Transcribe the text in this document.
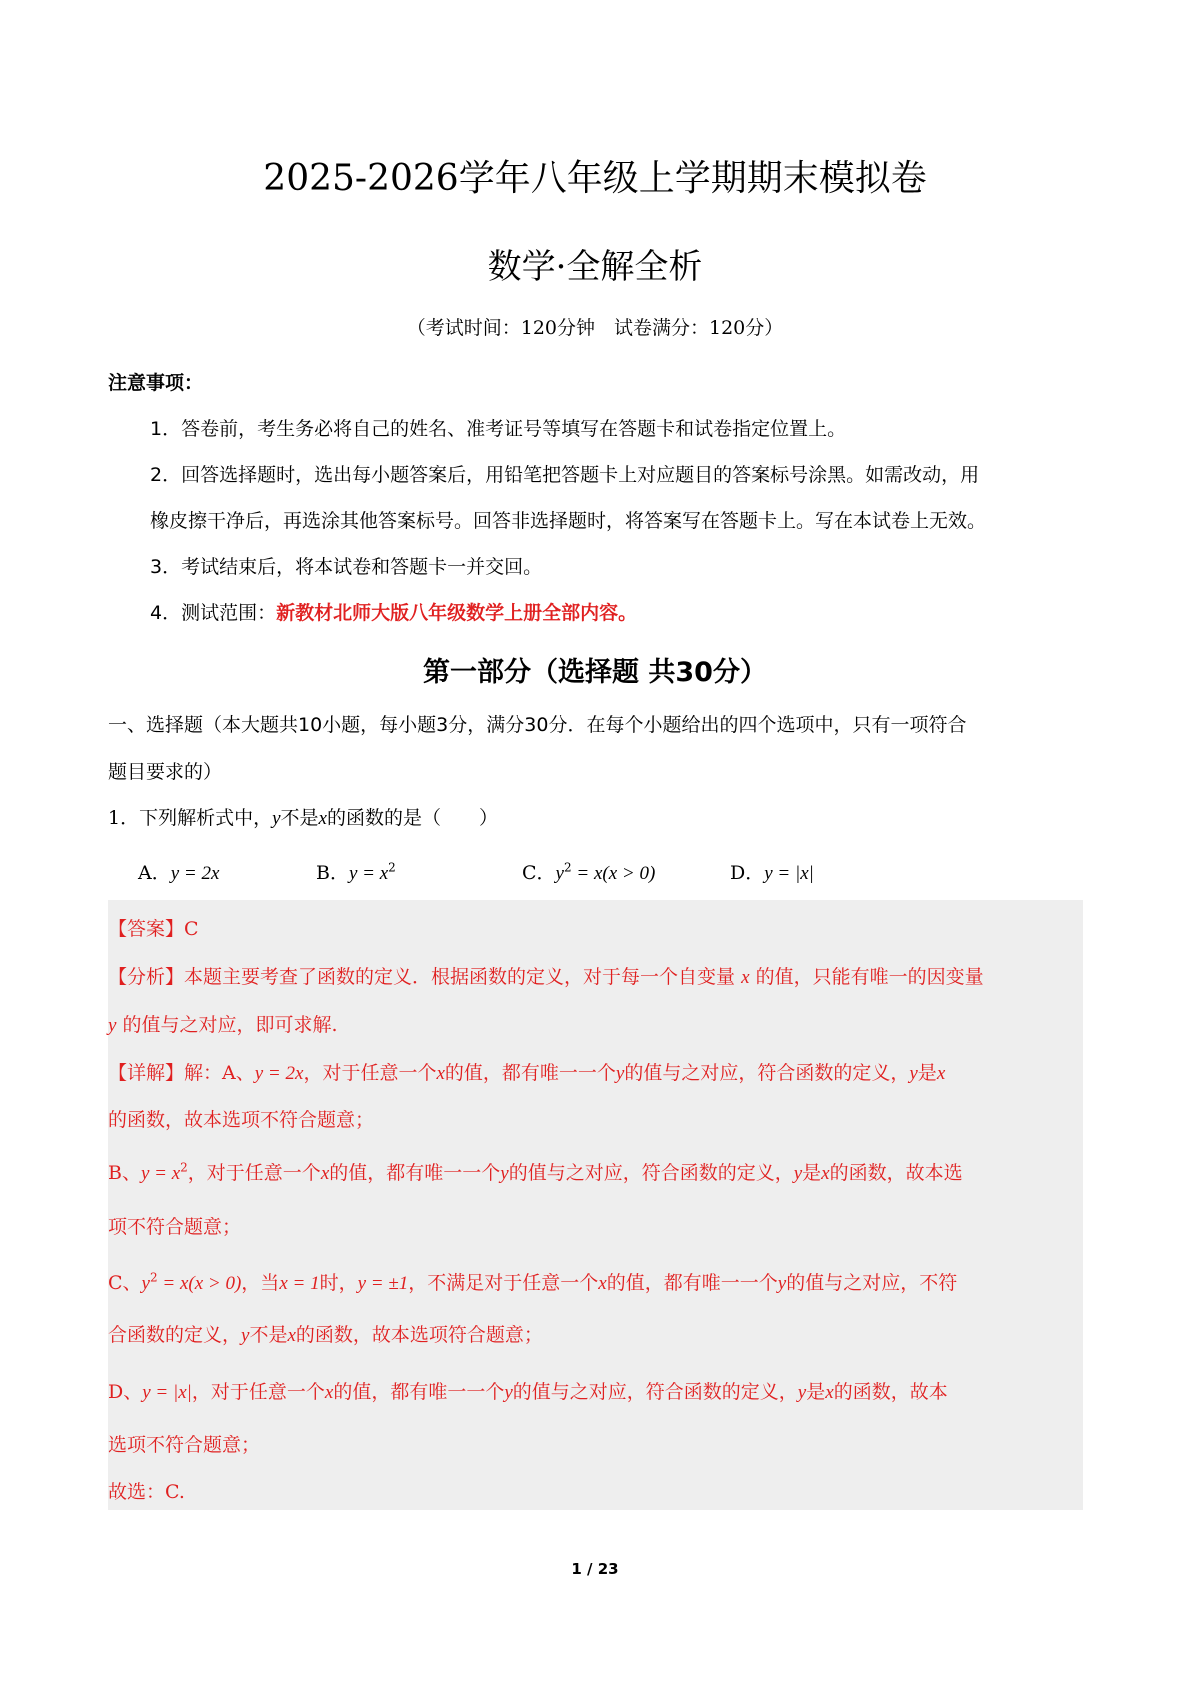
2025-2026学年八年级上学期期末模拟卷
数学·全解全析
（考试时间：120分钟　试卷满分：120分）
注意事项：
1．答卷前，考生务必将自己的姓名、准考证号等填写在答题卡和试卷指定位置上。
2．回答选择题时，选出每小题答案后，用铅笔把答题卡上对应题目的答案标号涂黑。如需改动，用
橡皮擦干净后，再选涂其他答案标号。回答非选择题时，将答案写在答题卡上。写在本试卷上无效。
3．考试结束后，将本试卷和答题卡一并交回。
4．测试范围：新教材北师大版八年级数学上册全部内容。
第一部分（选择题 共30分）
一、选择题（本大题共10小题，每小题3分，满分30分．在每个小题给出的四个选项中，只有一项符合
题目要求的）
1．下列解析式中，y不是x的函数的是（　　）
A．y = 2x	B．$y = x^2$	C．$y^2 = x(x > 0)$	D．y = |x|
【答案】C
【分析】本题主要考查了函数的定义．根据函数的定义，对于每一个自变量 x 的值，只能有唯一的因变量
y 的值与之对应，即可求解.
【详解】解：A、y = 2x，对于任意一个x的值，都有唯一一个y的值与之对应，符合函数的定义，y是x
的函数，故本选项不符合题意；
B、$y = x^2$，对于任意一个x的值，都有唯一一个y的值与之对应，符合函数的定义，y是x的函数，故本选
项不符合题意；
C、$y^2 = x(x > 0)$，当x = 1时，y = ±1，不满足对于任意一个x的值，都有唯一一个y的值与之对应，不符
合函数的定义，y不是x的函数，故本选项符合题意；
D、y = |x|，对于任意一个x的值，都有唯一一个y的值与之对应，符合函数的定义，y是x的函数，故本
选项不符合题意；
故选：C.
1 / 23
